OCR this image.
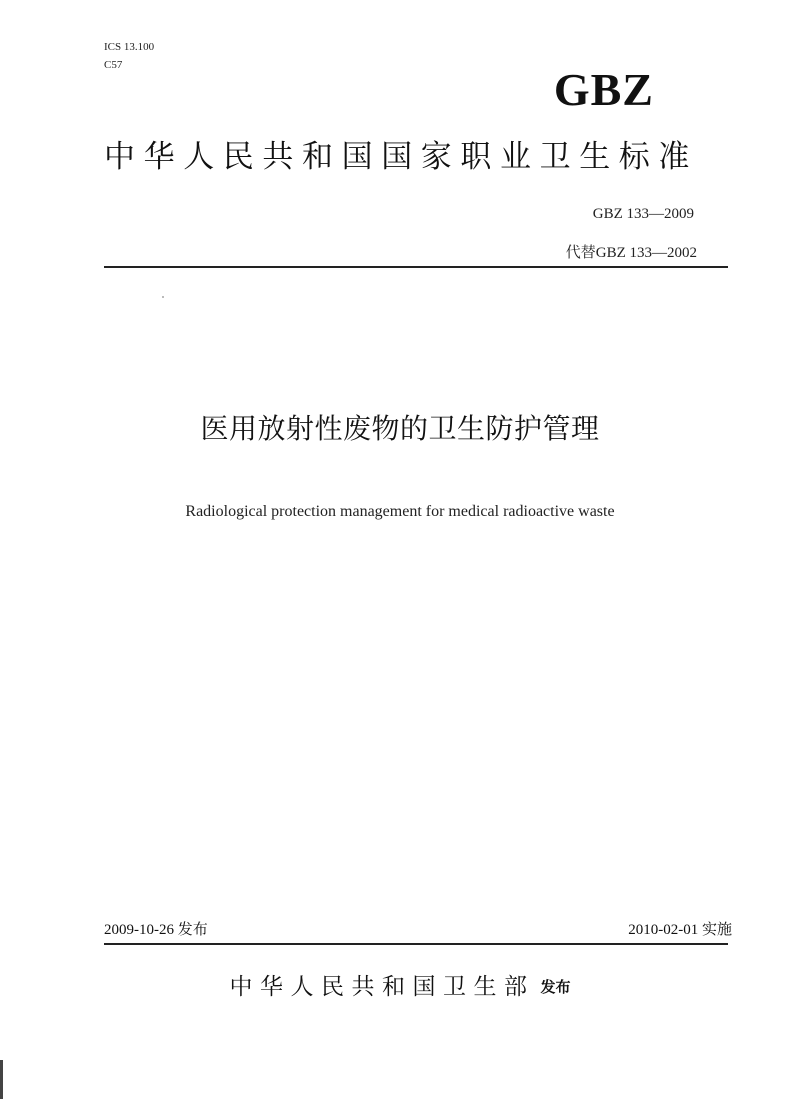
ICS 13.100
C57	GBZ
中华人民共和国国家职业卫生标准
GBZ 133—2009
代替GBZ 133—2002
医用放射性废物的卫生防护管理
Radiological protection management for medical radioactive waste
2009-10-26 发布	2010-02-01 实施
中华人民共和国卫生部 发布
